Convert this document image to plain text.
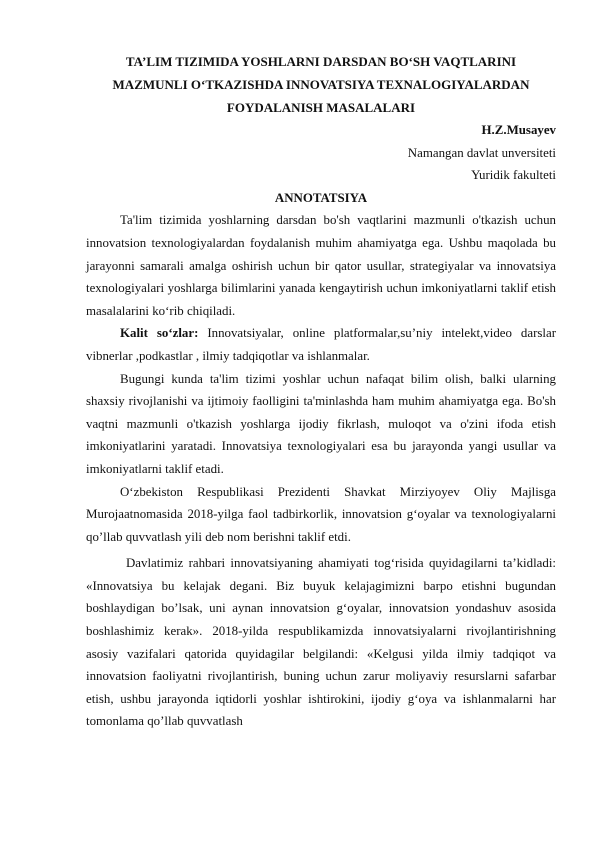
TA’LIM TIZIMIDA YOSHLARNI DARSDAN BO‘SH VAQTLARINI
MAZMUNLI O‘TKAZISHDA INNOVATSIYA TEXNALOGIYALARDAN
FOYDALANISH MASALALARI

H.Z.Musayev

Namangan davlat unversiteti

Yuridik fakulteti

ANNOTATSIYA

Ta'lim tizimida yoshlarning darsdan bo'sh vaqtlarini mazmunli o'tkazish uchun innovatsion texnologiyalardan foydalanish muhim ahamiyatga ega. Ushbu maqolada bu jarayonni samarali amalga oshirish uchun bir qator usullar, strategiyalar va innovatsiya texnologiyalari yoshlarga bilimlarini yanada kengaytirish uchun imkoniyatlarni taklif etish masalalarini ko‘rib chiqiladi.

Kalit so‘zlar: Innovatsiyalar, online platformalar,su’niy intelekt,video darslar vibnerlar ,podkastlar , ilmiy tadqiqotlar va ishlanmalar.

Bugungi kunda ta'lim tizimi yoshlar uchun nafaqat bilim olish, balki ularning shaxsiy rivojlanishi va ijtimoiy faolligini ta'minlashda ham muhim ahamiyatga ega. Bo'sh vaqtni mazmunli o'tkazish yoshlarga ijodiy fikrlash, muloqot va o'zini ifoda etish imkoniyatlarini yaratadi. Innovatsiya texnologiyalari esa bu jarayonda yangi usullar va imkoniyatlarni taklif etadi.

O‘zbekiston Respublikasi Prezidenti Shavkat Mirziyoyev Oliy Majlisga Murojaatnomasida 2018-yilga faol tadbirkorlik, innovatsion g‘oyalar va texnologiyalarni qo’llab quvvatlash yili deb nom berishni taklif etdi.

Davlatimiz rahbari innovatsiyaning ahamiyati tog‘risida quyidagilarni ta’kidladi: «Innovatsiya bu kelajak degani. Biz buyuk kelajagimizni barpo etishni bugundan boshlaydigan bo’lsak, uni aynan innovatsion g‘oyalar, innovatsion yondashuv asosida boshlashimiz kerak». 2018-yilda respublikamizda innovatsiyalarni rivojlantirishning asosiy vazifalari qatorida quyidagilar belgilandi: «Kelgusi yilda ilmiy tadqiqot va innovatsion faoliyatni rivojlantirish, buning uchun zarur moliyaviy resurslarni safarbar etish, ushbu jarayonda iqtidorli yoshlar ishtirokini, ijodiy g‘oya va ishlanmalarni har tomonlama qo’llab quvvatlash
